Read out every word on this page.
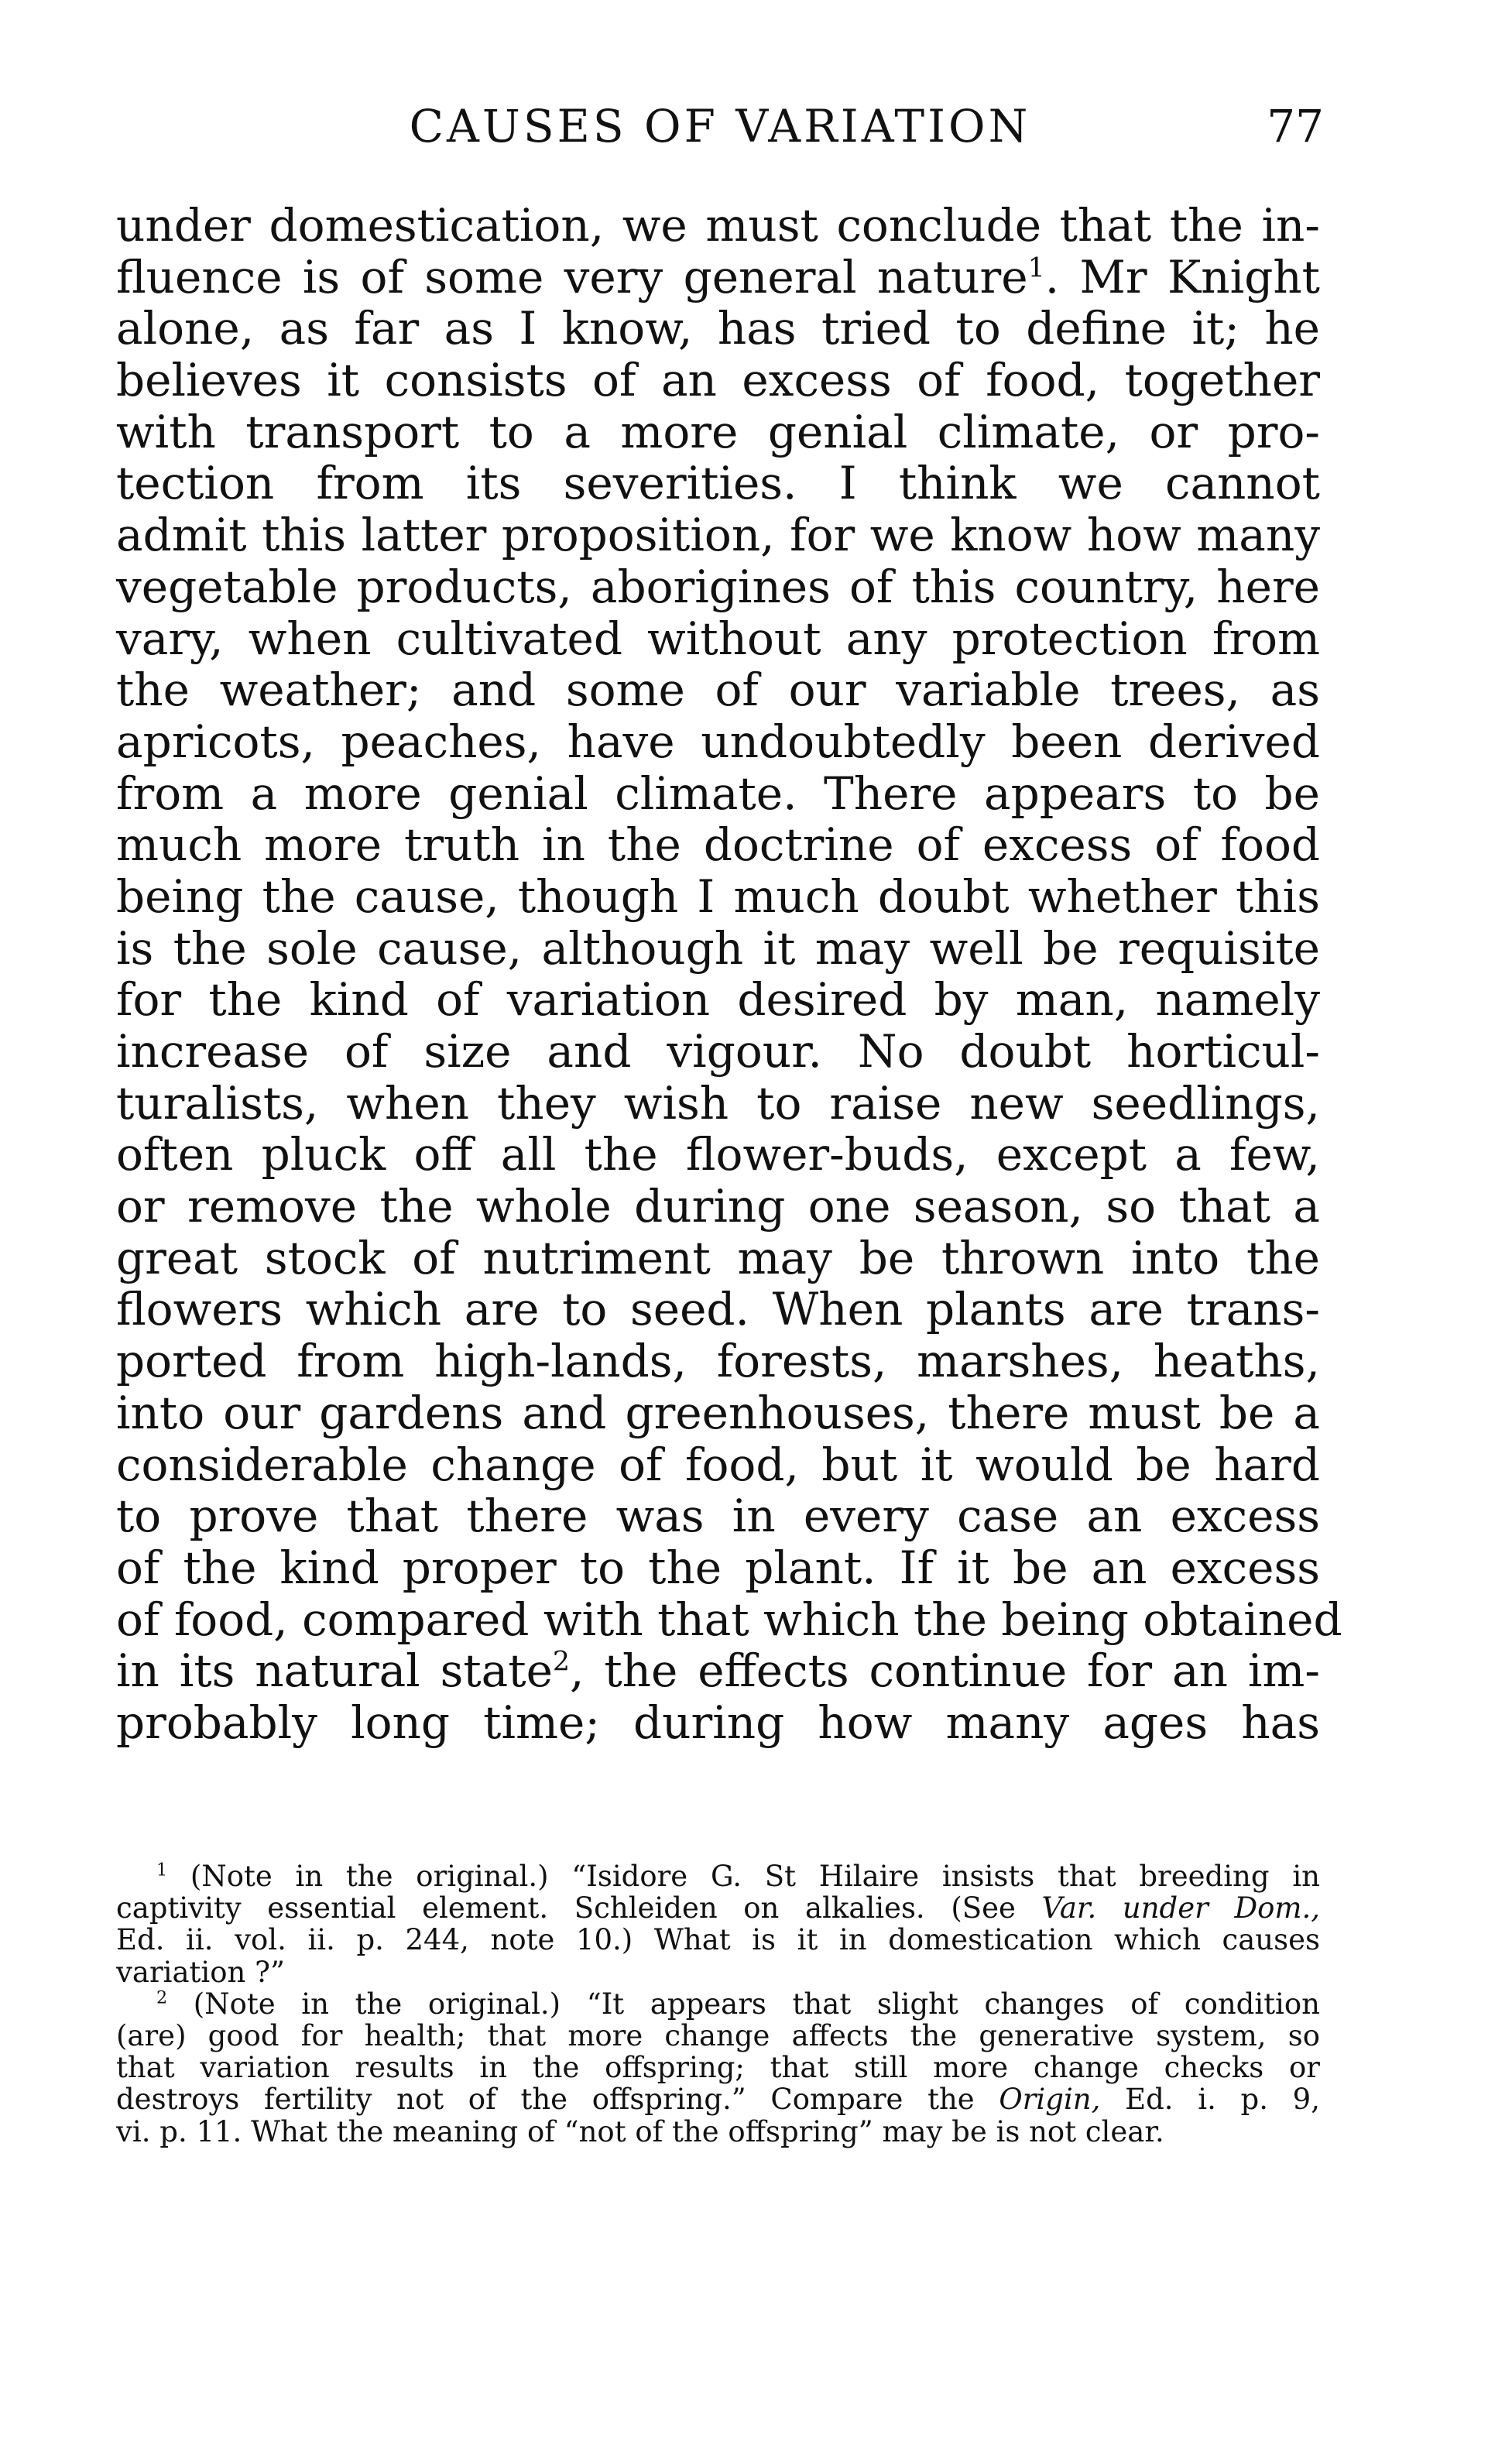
CAUSES OF VARIATION	77
under domestication, we must conclude that the in-
fluence is of some very general nature$^1$. Mr Knight
alone, as far as I know, has tried to define it; he
believes it consists of an excess of food, together
with transport to a more genial climate, or pro-
tection from its severities. I think we cannot
admit this latter proposition, for we know how many
vegetable products, aborigines of this country, here
vary, when cultivated without any protection from
the weather; and some of our variable trees, as
apricots, peaches, have undoubtedly been derived
from a more genial climate. There appears to be
much more truth in the doctrine of excess of food
being the cause, though I much doubt whether this
is the sole cause, although it may well be requisite
for the kind of variation desired by man, namely
increase of size and vigour. No doubt horticul-
turalists, when they wish to raise new seedlings,
often pluck off all the flower-buds, except a few,
or remove the whole during one season, so that a
great stock of nutriment may be thrown into the
flowers which are to seed. When plants are trans-
ported from high-lands, forests, marshes, heaths,
into our gardens and greenhouses, there must be a
considerable change of food, but it would be hard
to prove that there was in every case an excess
of the kind proper to the plant. If it be an excess
of food, compared with that which the being obtained
in its natural state$^2$, the effects continue for an im-
probably long time; during how many ages has
$^1$ (Note in the original.) “Isidore G. St Hilaire insists that breeding in
captivity essential element. Schleiden on alkalies. (See Var. under Dom.,
Ed. ii. vol. ii. p. 244, note 10.) What is it in domestication which causes
variation ?”
$^2$ (Note in the original.) “It appears that slight changes of condition
(are) good for health; that more change affects the generative system, so
that variation results in the offspring; that still more change checks or
destroys fertility not of the offspring.” Compare the Origin, Ed. i. p. 9,
vi. p. 11. What the meaning of “not of the offspring” may be is not clear.
